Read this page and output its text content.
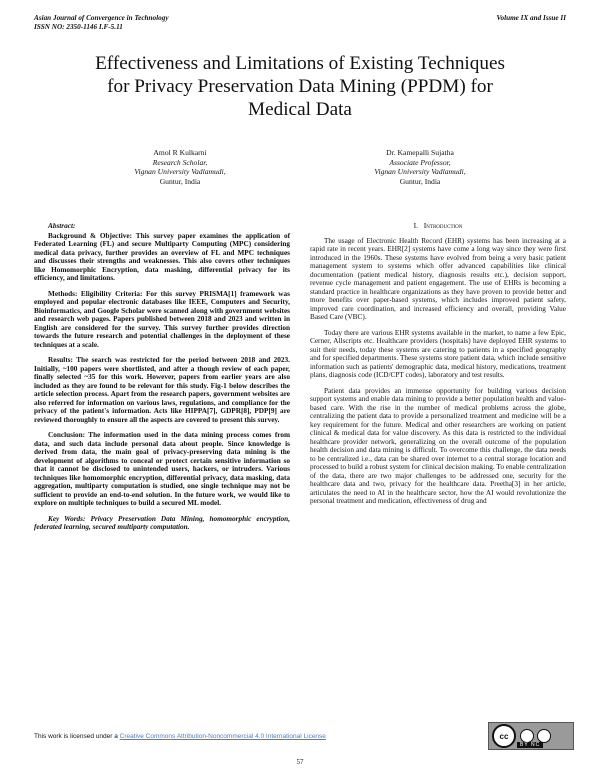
Asian Journal of Convergence in Technology
ISSN NO: 2350-1146 I.F-5.11
Volume IX and Issue II
Effectiveness and Limitations of Existing Techniques
for Privacy Preservation Data Mining (PPDM) for
Medical Data
Amol R Kulkarni
Research Scholar,
Vignan University Vadlamudi,
Guntur, India
Dr. Kamepalli Sujatha
Associate Professor,
Vignan University Vadlamudi,
Guntur, India
Abstract:

Background & Objective: This survey paper examines the application of Federated Learning (FL) and secure Multiparty Computing (MPC) considering medical data privacy, further provides an overview of FL and MPC techniques and discusses their strengths and weaknesses. This also covers other techniques like Homomorphic Encryption, data masking, differential privacy for its efficiency, and limitations.

Methods: Eligibility Criteria: For this survey PRISMA[1] framework was employed and popular electronic databases like IEEE, Computers and Security, Bioinformatics, and Google Scholar were scanned along with government websites and research web pages. Papers published between 2018 and 2023 and written in English are considered for the survey. This survey further provides direction towards the future research and potential challenges in the deployment of these techniques at a scale.

Results: The search was restricted for the period between 2018 and 2023. Initially, ~100 papers were shortlisted, and after a though review of each paper, finally selected ~35 for this work. However, papers from earlier years are also included as they are found to be relevant for this study. Fig-1 below describes the article selection process. Apart from the research papers, government websites are also referred for information on various laws, regulations, and compliance for the privacy of the patient's information. Acts like HIPPA[7], GDPR[8], PDP[9] are reviewed thoroughly to ensure all the aspects are covered to present this survey.

Conclusion: The information used in the data mining process comes from data, and such data include personal data about people. Since knowledge is derived from data, the main goal of privacy-preserving data mining is the development of algorithms to conceal or protect certain sensitive information so that it cannot be disclosed to unintended users, hackers, or intruders. Various techniques like homomorphic encryption, differential privacy, data masking, data aggregation, multiparty computation is studied, one single technique may not be sufficient to provide an end-to-end solution. In the future work, we would like to explore on multiple techniques to build a secured ML model.

Key Words: Privacy Preservation Data Mining, homomorphic encryption, federated learning, secured multiparty computation.

I. Introduction

The usage of Electronic Health Record (EHR) systems has been increasing at a rapid rate in recent years. EHR[2] systems have come a long way since they were first introduced in the 1960s. These systems have evolved from being a very basic patient management system to systems which offer advanced capabilities like clinical documentation (patient medical history, diagnosis results etc.), decision support, revenue cycle management and patient engagement. The use of EHRs is becoming a standard practice in healthcare organizations as they have proven to provide better and more benefits over paper-based systems, which includes improved patient safety, improved care coordination, and increased efficiency and overall, providing Value Based Care (VBC).

Today there are various EHR systems available in the market, to name a few Epic, Cerner, Allscripts etc. Healthcare providers (hospitals) have deployed EHR systems to suit their needs, today these systems are catering to patients in a specified geography and for specified departments. These systems store patient data, which include sensitive information such as patients' demographic data, medical history, medications, treatment plans, diagnosis code (ICD/CPT codes), laboratory and test results.

Patient data provides an immense opportunity for building various decision support systems and enable data mining to provide a better population health and value-based care. With the rise in the number of medical problems across the globe, centralizing the patient data to provide a personalized treatment and medicine will be a key requirement for the future. Medical and other researchers are working on patient clinical & medical data for value discovery. As this data is restricted to the individual healthcare provider network, generalizing on the overall outcome of the population health decision and data mining is difficult. To overcome this challenge, the data needs to be centralized i.e., data can be shared over internet to a central storage location and processed to build a robust system for clinical decision making. To enable centralization of the data, there are two major challenges to be addressed one, security for the healthcare data and two, privacy for the healthcare data. Preetha[3] in her article, articulates the need to AI in the healthcare sector, how the AI would revolutionize the personal treatment and medication, effectiveness of drug and

This work is licensed under a Creative Commons Attribution-Noncommercial 4.0 International License	cc
BY NC
57
